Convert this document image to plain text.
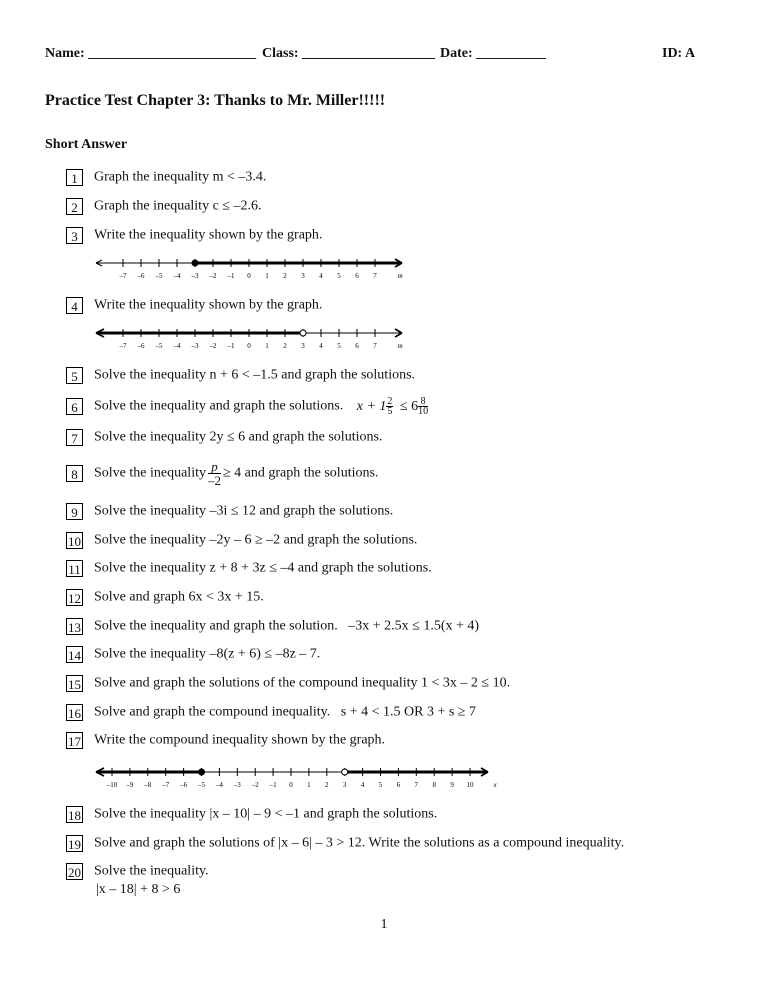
Name: ________________________ Class: ___________________ Date: __________	ID: A
Practice Test Chapter 3: Thanks to Mr. Miller!!!!!
Short Answer
1 Graph the inequality m < –3.4.
2 Graph the inequality c ≤ –2.6.
3 Write the inequality shown by the graph.
–7 –6 –5 –4 –3 –2 –1 0 1 2 3 4 5 6 7	m
4 Write the inequality shown by the graph.
–7 –6 –5 –4 –3 –2 –1 0 1 2 3 4 5 6 7	m
5 Solve the inequality n + 6 < –1.5 and graph the solutions.
6 Solve the inequality and graph the solutions. $x + 1 \frac{2}{5} \le 6 \frac{8}{10}$
7 Solve the inequality 2y ≤ 6 and graph the solutions.
8 Solve the inequality $\frac{p}{-2} \ge 4$ and graph the solutions.
9 Solve the inequality –3i ≤ 12 and graph the solutions.
10 Solve the inequality –2y – 6 ≥ –2 and graph the solutions.
11 Solve the inequality z + 8 + 3z ≤ –4 and graph the solutions.
12 Solve and graph 6x < 3x + 15.
13 Solve the inequality and graph the solution.   –3x + 2.5x ≤ 1.5(x + 4)
14 Solve the inequality –8(z + 6) ≤ –8z – 7.
15 Solve and graph the solutions of the compound inequality 1 < 3x – 2 ≤ 10.
16 Solve and graph the compound inequality.   s + 4 < 1.5 OR 3 + s ≥ 7
17 Write the compound inequality shown by the graph.
–10 –9 –8 –7 –6 –5 –4 –3 –2 –1 0 1 2 3 4 5 6 7 8 9 10	x
18 Solve the inequality |x – 10| – 9 < –1 and graph the solutions.
19 Solve and graph the solutions of |x – 6| – 3 > 12. Write the solutions as a compound inequality.
20 Solve the inequality.
|x – 18| + 8 > 6
1
